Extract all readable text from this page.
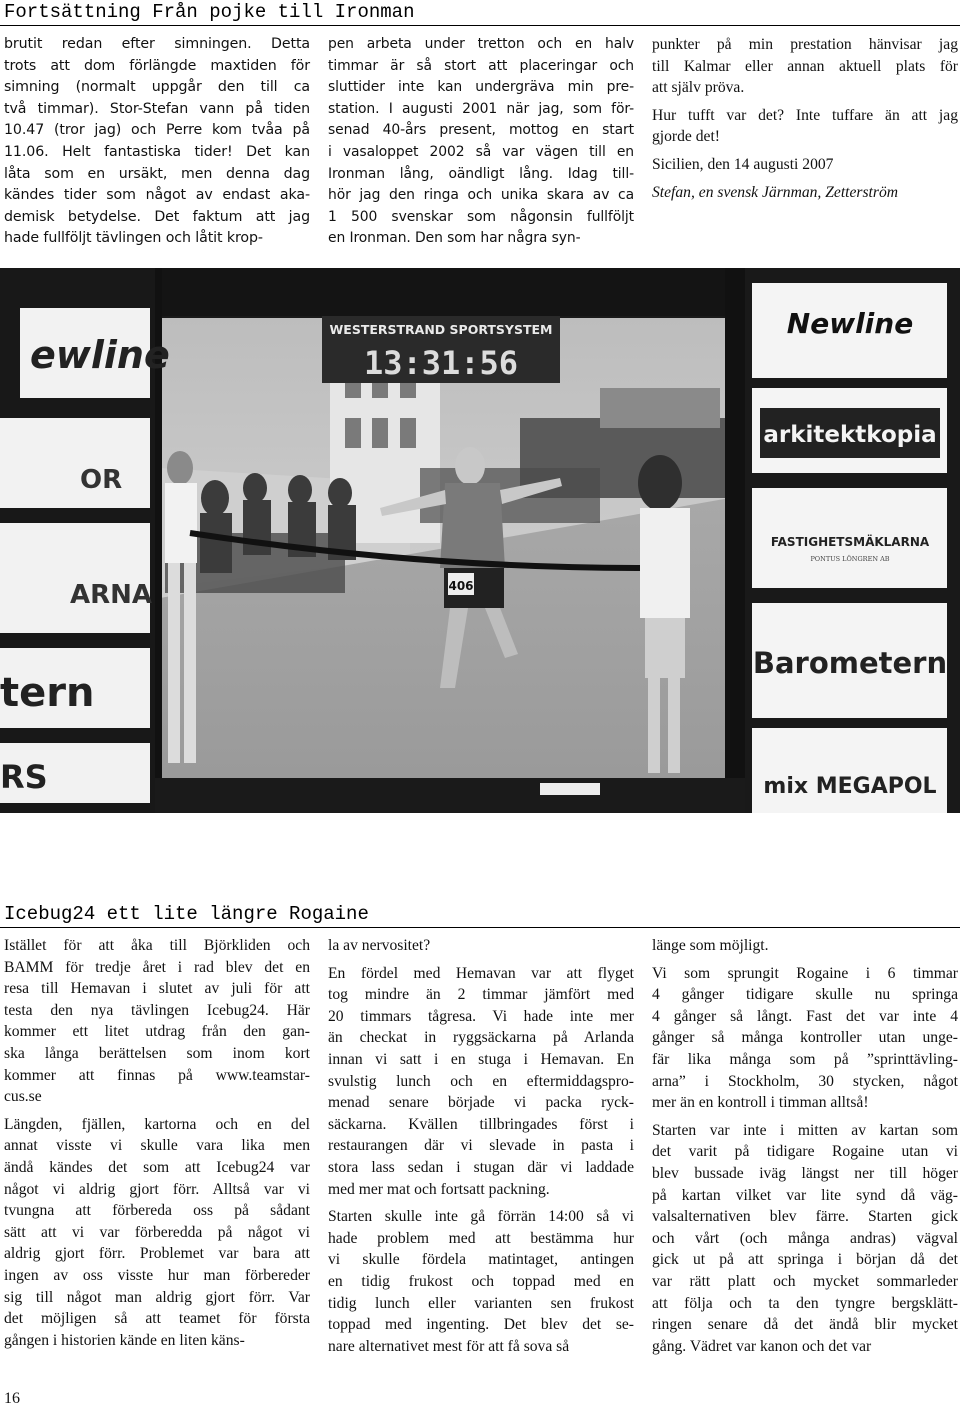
Fortsättning Från pojke till Ironman
brutit redan efter simningen. Detta
trots att dom förlängde maxtiden för
simning (normalt uppgår den till ca
två timmar). Stor-Stefan vann på tiden
10.47 (tror jag) och Perre kom tvåa på
11.06. Helt fantastiska tider! Det kan
låta som en ursäkt, men denna dag
kändes tider som något av endast aka-
demisk betydelse. Det faktum att jag
hade fullföljt tävlingen och låtit krop-
pen arbeta under tretton och en halv
timmar är så stort att placeringar och
sluttider inte kan undergräva min pre-
station. I augusti 2001 när jag, som för-
senad 40-års present, mottog en start
i vasaloppet 2002 så var vägen till en
Ironman lång, oändligt lång. Idag till-
hör jag den ringa och unika skara av ca
1 500 svenskar som någonsin fullföljt
en Ironman. Den som har några syn-

punkter på min prestation hänvisar jag
till Kalmar eller annan aktuell plats för
att själv pröva.

Hur tufft var det? Inte tuffare än att jag
gjorde det!

Sicilien, den 14 augusti 2007

Stefan, en svensk Järnman, Zetterström

WESTERSTRAND SPORTSYSTEM
13:31:56
ewline
OR
ARNA
tern
RS
Newline
arkitektkopia
FASTIGHETSMÄKLARNA
PONTUS LÖNGREN AB
Barometern
mix MEGAPOL
406
Icebug24 ett lite längre Rogaine

Istället för att åka till Björkliden och
BAMM för tredje året i rad blev det en
resa till Hemavan i slutet av juli för att
testa den nya tävlingen Icebug24. Här
kommer ett litet utdrag från den gan-
ska långa berättelsen som inom kort
kommer att finnas på www.teamstar-
cus.se

Längden, fjällen, kartorna och en del
annat visste vi skulle vara lika men
ändå kändes det som att Icebug24 var
något vi aldrig gjort förr. Alltså var vi
tvungna att förbereda oss på sådant
sätt att vi var förberedda på något vi
aldrig gjort förr. Problemet var bara att
ingen av oss visste hur man förbereder
sig till något man aldrig gjort förr. Var
det möjligen så att teamet för första
gången i historien kände en liten käns-

la av nervositet?

En fördel med Hemavan var att flyget
tog mindre än 2 timmar jämfört med
20 timmars tågresa. Vi hade inte mer
än checkat in ryggsäckarna på Arlanda
innan vi satt i en stuga i Hemavan. En
svulstig lunch och en eftermiddagspro-
menad senare började vi packa ryck-
säckarna. Kvällen tillbringades först i
restaurangen där vi slevade in pasta i
stora lass sedan i stugan där vi laddade
med mer mat och fortsatt packning.

Starten skulle inte gå förrän 14:00 så vi
hade problem med att bestämma hur
vi skulle fördela matintaget, antingen
en tidig frukost och toppad med en
tidig lunch eller varianten sen frukost
toppad med ingenting. Det blev det se-
nare alternativet mest för att få sova så

länge som möjligt.

Vi som sprungit Rogaine i 6 timmar
4 gånger tidigare skulle nu springa
4 gånger så långt. Fast det var inte 4
gånger så många kontroller utan unge-
fär lika många som på ”sprinttävling-
arna” i Stockholm, 30 stycken, något
mer än en kontroll i timman alltså!

Starten var inte i mitten av kartan som
det varit på tidigare Rogaine utan vi
blev bussade iväg längst ner till höger
på kartan vilket var lite synd då väg-
valsalternativen blev färre. Starten gick
och vårt (och många andras) vägval
gick ut på att springa i början då det
var rätt platt och mycket sommarleder
att följa och ta den tyngre bergsklätt-
ringen senare då det ändå blir mycket
gång. Vädret var kanon och det var

16
